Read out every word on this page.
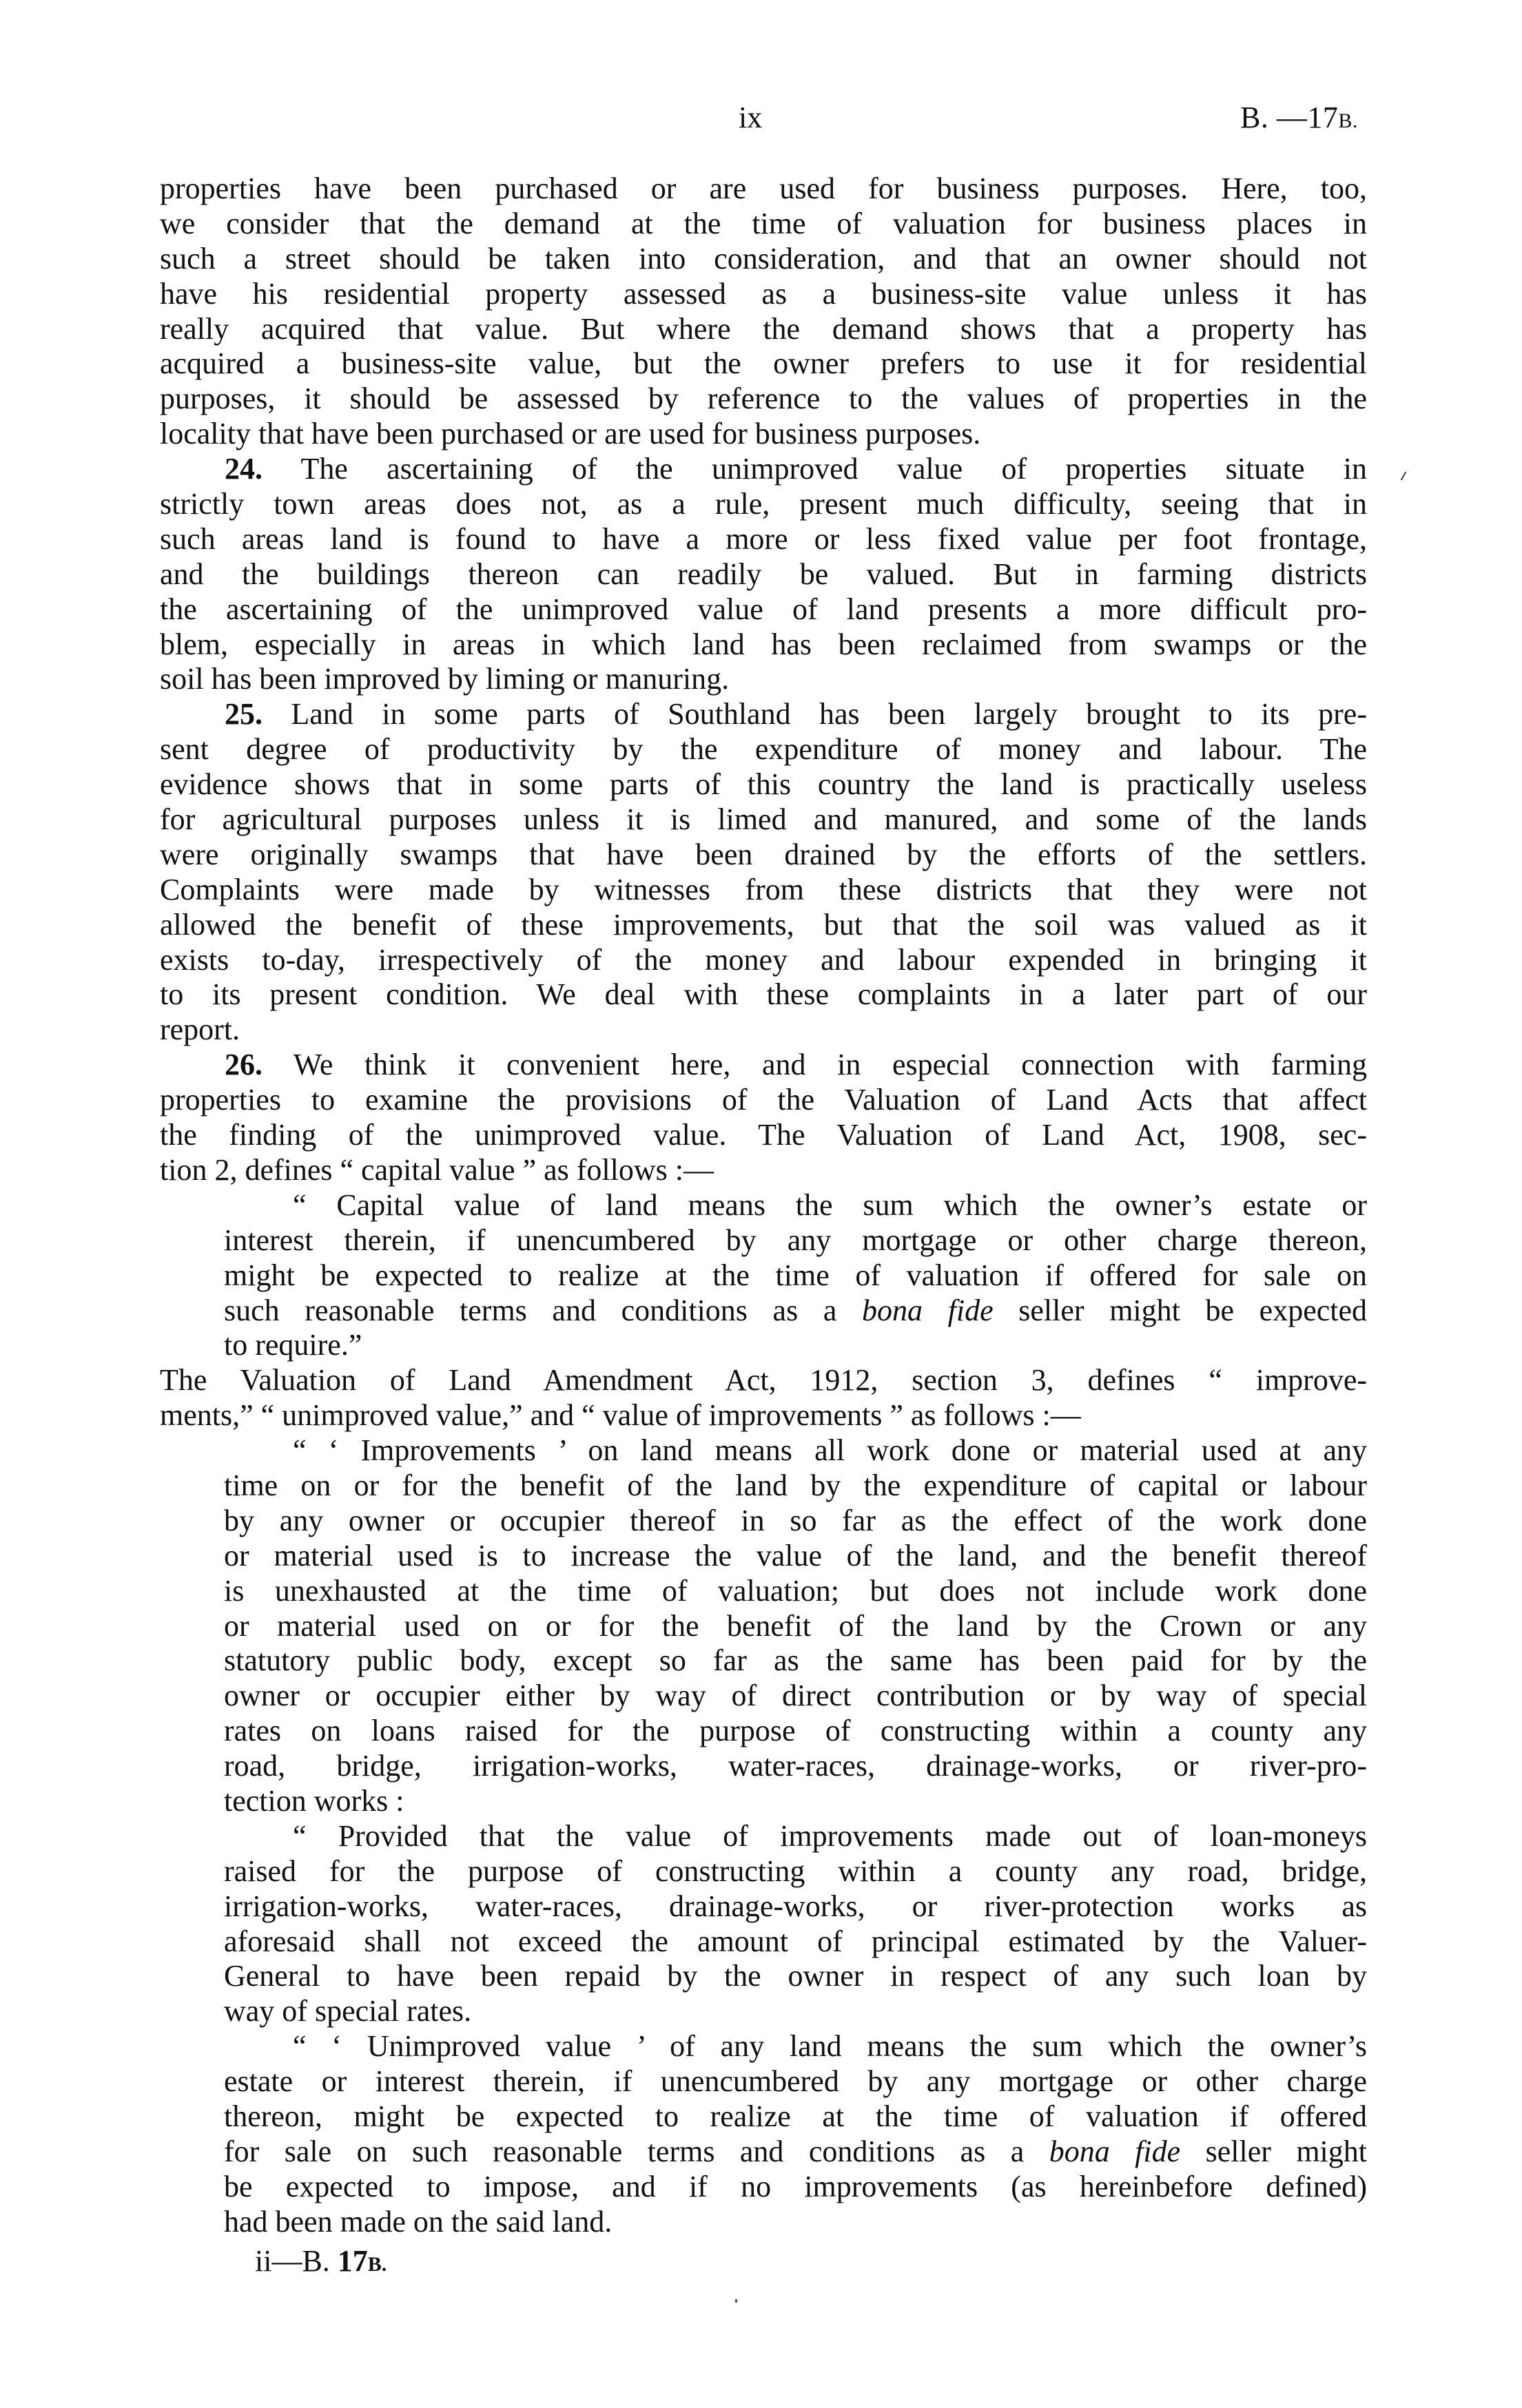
ix	B. —17B.
properties have been purchased or are used for business purposes. Here, too,
we consider that the demand at the time of valuation for business places in
such a street should be taken into consideration, and that an owner should not
have his residential property assessed as a business-site value unless it has
really acquired that value. But where the demand shows that a property has
acquired a business-site value, but the owner prefers to use it for residential
purposes, it should be assessed by reference to the values of properties in the
locality that have been purchased or are used for business purposes.
24. The ascertaining of the unimproved value of properties situate in
strictly town areas does not, as a rule, present much difficulty, seeing that in
such areas land is found to have a more or less fixed value per foot frontage,
and the buildings thereon can readily be valued. But in farming districts
the ascertaining of the unimproved value of land presents a more difficult pro-
blem, especially in areas in which land has been reclaimed from swamps or the
soil has been improved by liming or manuring.
25. Land in some parts of Southland has been largely brought to its pre-
sent degree of productivity by the expenditure of money and labour. The
evidence shows that in some parts of this country the land is practically useless
for agricultural purposes unless it is limed and manured, and some of the lands
were originally swamps that have been drained by the efforts of the settlers.
Complaints were made by witnesses from these districts that they were not
allowed the benefit of these improvements, but that the soil was valued as it
exists to-day, irrespectively of the money and labour expended in bringing it
to its present condition. We deal with these complaints in a later part of our
report.
26. We think it convenient here, and in especial connection with farming
properties to examine the provisions of the Valuation of Land Acts that affect
the finding of the unimproved value. The Valuation of Land Act, 1908, sec-
tion 2, defines “ capital value ” as follows :—
“ Capital value of land means the sum which the owner’s estate or
interest therein, if unencumbered by any mortgage or other charge thereon,
might be expected to realize at the time of valuation if offered for sale on
such reasonable terms and conditions as a bona fide seller might be expected
to require.”
The Valuation of Land Amendment Act, 1912, section 3, defines “ improve-
ments,” “ unimproved value,” and “ value of improvements ” as follows :—
“ ‘ Improvements ’ on land means all work done or material used at any
time on or for the benefit of the land by the expenditure of capital or labour
by any owner or occupier thereof in so far as the effect of the work done
or material used is to increase the value of the land, and the benefit thereof
is unexhausted at the time of valuation; but does not include work done
or material used on or for the benefit of the land by the Crown or any
statutory public body, except so far as the same has been paid for by the
owner or occupier either by way of direct contribution or by way of special
rates on loans raised for the purpose of constructing within a county any
road, bridge, irrigation-works, water-races, drainage-works, or river-pro-
tection works :
“ Provided that the value of improvements made out of loan-moneys
raised for the purpose of constructing within a county any road, bridge,
irrigation-works, water-races, drainage-works, or river-protection works as
aforesaid shall not exceed the amount of principal estimated by the Valuer-
General to have been repaid by the owner in respect of any such loan by
way of special rates.
“ ‘ Unimproved value ’ of any land means the sum which the owner’s
estate or interest therein, if unencumbered by any mortgage or other charge
thereon, might be expected to realize at the time of valuation if offered
for sale on such reasonable terms and conditions as a bona fide seller might
be expected to impose, and if no improvements (as hereinbefore defined)
had been made on the said land.
ii—B. 17B.
